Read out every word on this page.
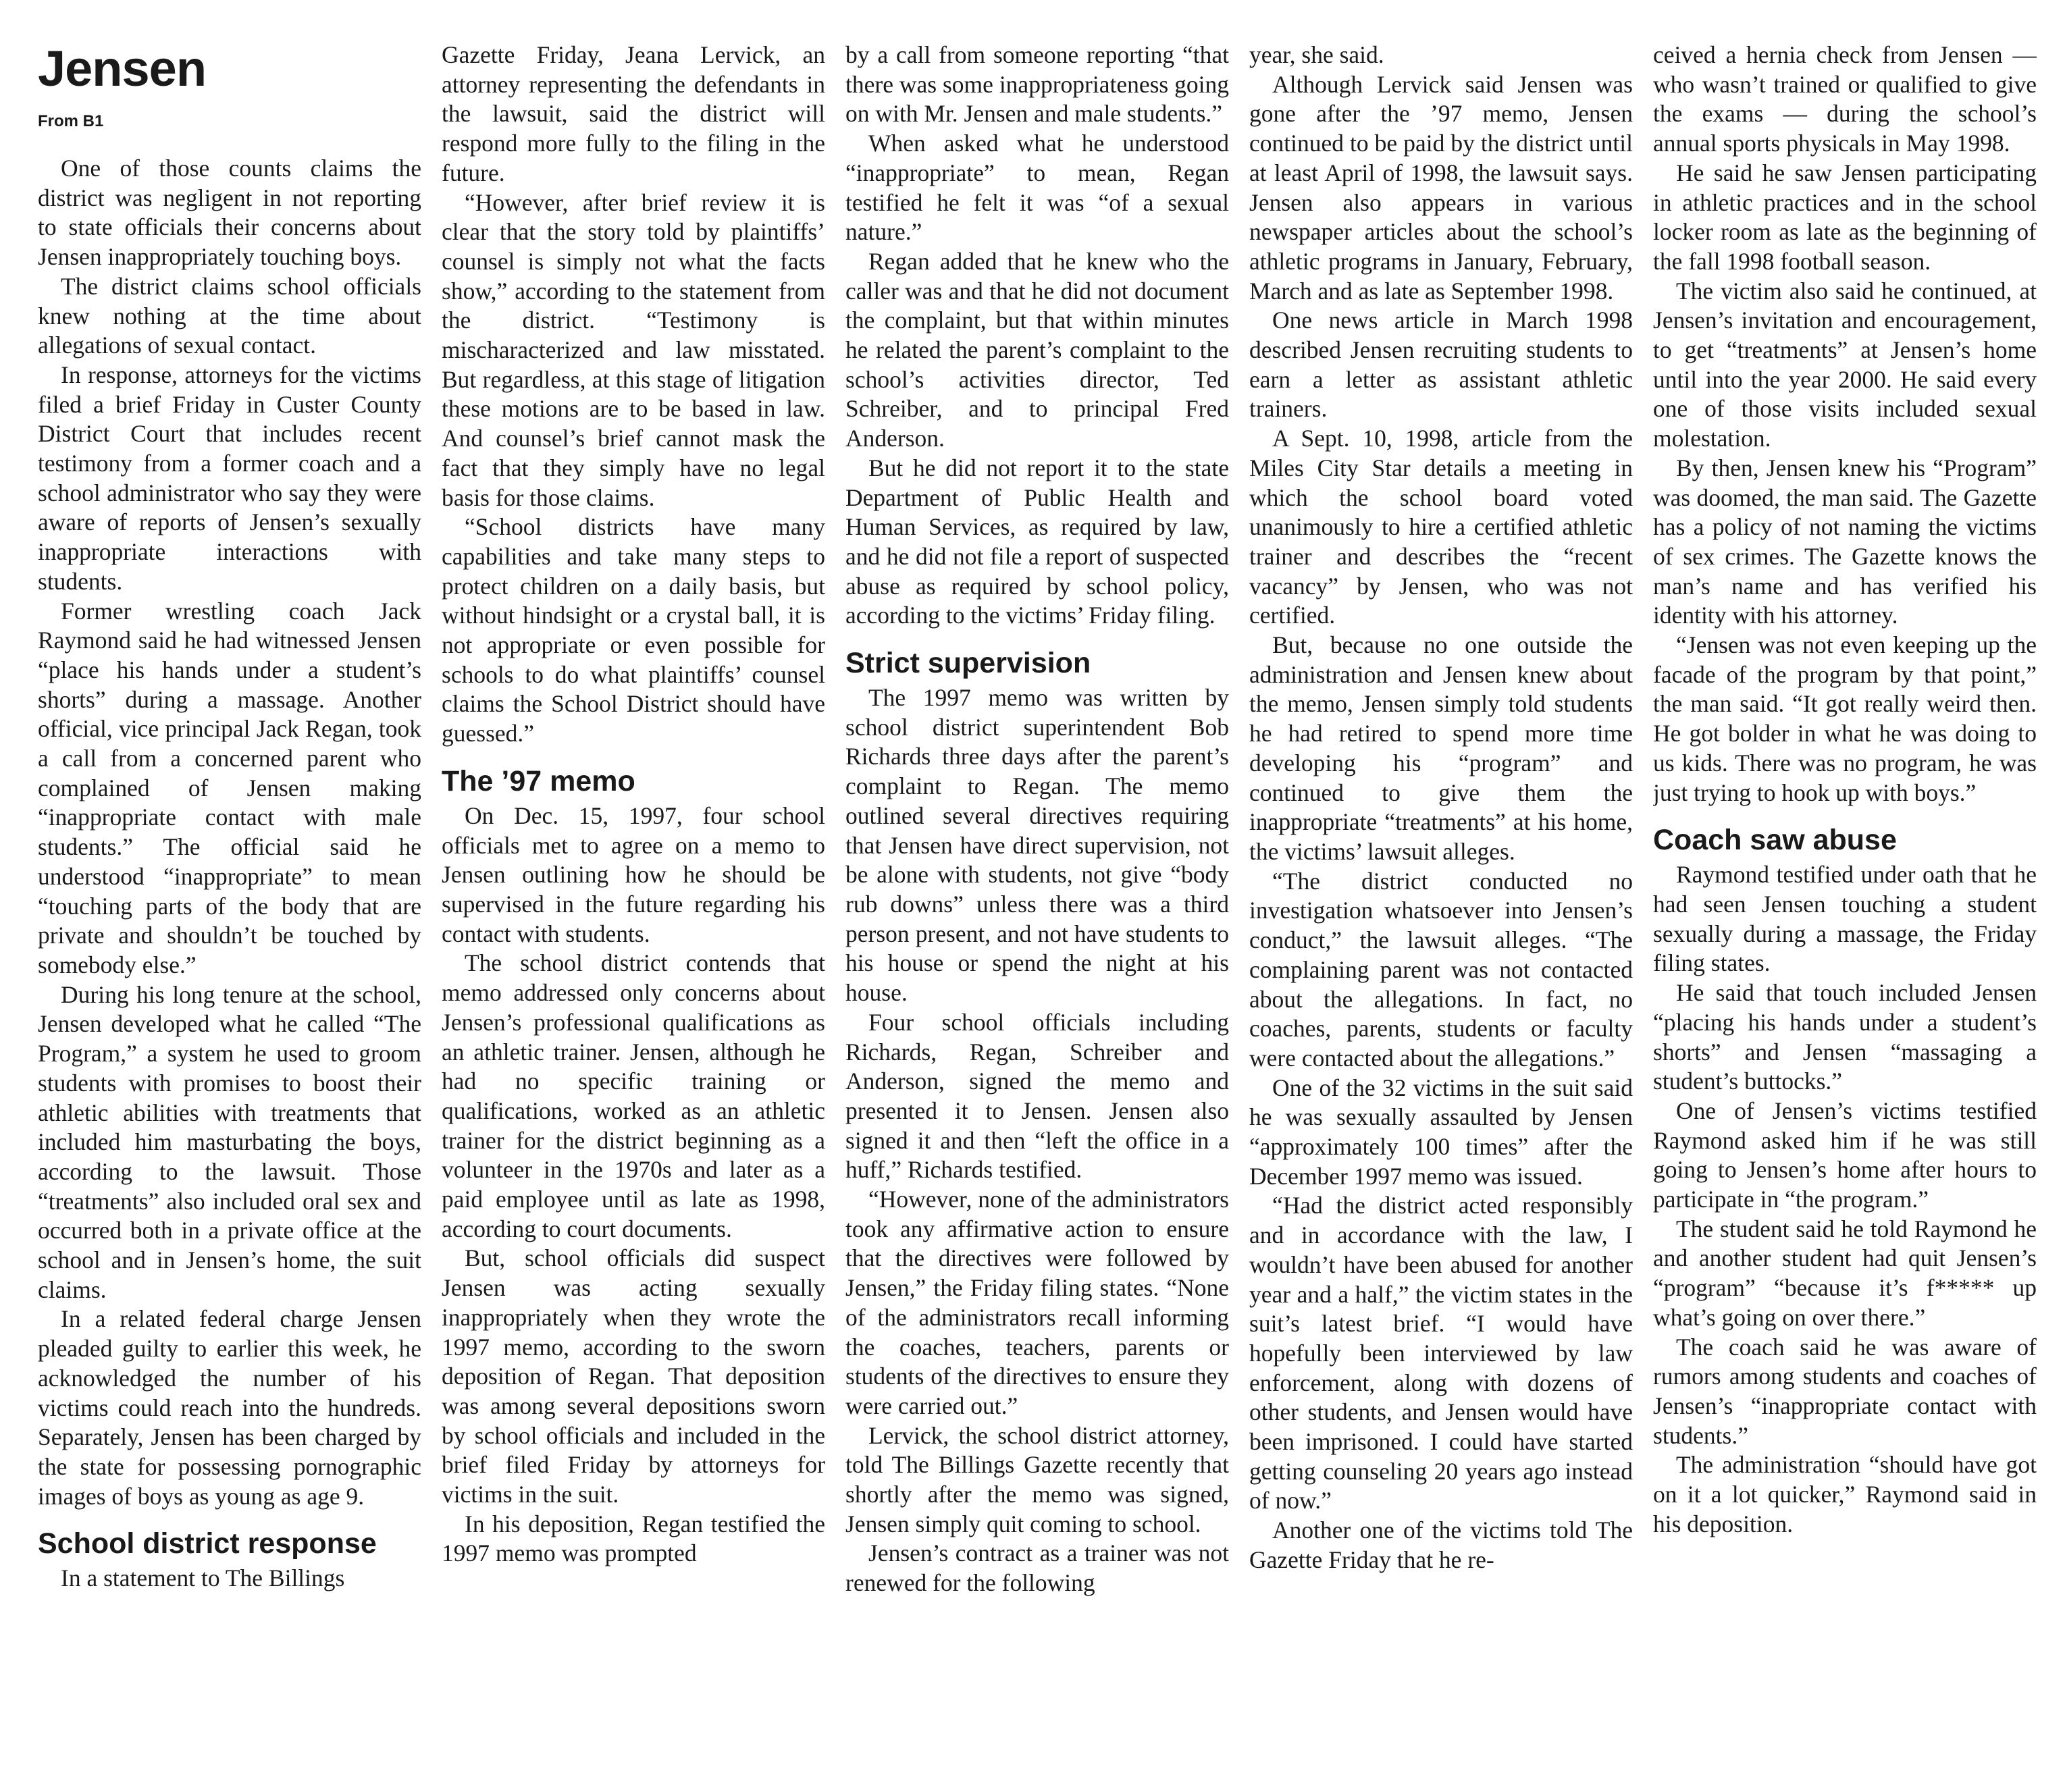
Jensen
From B1

One of those counts claims the district was negligent in not reporting to state officials their concerns about Jensen inappropriately touching boys.

The district claims school officials knew nothing at the time about allegations of sexual contact.

In response, attorneys for the victims filed a brief Friday in Custer County District Court that includes recent testimony from a former coach and a school administrator who say they were aware of reports of Jensen’s sexually inappropriate interactions with students.

Former wrestling coach Jack Raymond said he had witnessed Jensen “place his hands under a student’s shorts” during a massage. Another official, vice principal Jack Regan, took a call from a concerned parent who complained of Jensen making “inappropriate contact with male students.” The official said he understood “inappropriate” to mean “touching parts of the body that are private and shouldn’t be touched by somebody else.”

During his long tenure at the school, Jensen developed what he called “The Program,” a system he used to groom students with promises to boost their athletic abilities with treatments that included him masturbating the boys, according to the lawsuit. Those “treatments” also included oral sex and occurred both in a private office at the school and in Jensen’s home, the suit claims.

In a related federal charge Jensen pleaded guilty to earlier this week, he acknowledged the number of his victims could reach into the hundreds. Separately, Jensen has been charged by the state for possessing pornographic images of boys as young as age 9.

School district response

In a statement to The Billings

Gazette Friday, Jeana Lervick, an attorney representing the defendants in the lawsuit, said the district will respond more fully to the filing in the future.

“However, after brief review it is clear that the story told by plaintiffs’ counsel is simply not what the facts show,” according to the statement from the district. “Testimony is mischaracterized and law misstated. But regardless, at this stage of litigation these motions are to be based in law. And counsel’s brief cannot mask the fact that they simply have no legal basis for those claims.

“School districts have many capabilities and take many steps to protect children on a daily basis, but without hindsight or a crystal ball, it is not appropriate or even possible for schools to do what plaintiffs’ counsel claims the School District should have guessed.”

The ’97 memo

On Dec. 15, 1997, four school officials met to agree on a memo to Jensen outlining how he should be supervised in the future regarding his contact with students.

The school district contends that memo addressed only concerns about Jensen’s professional qualifications as an athletic trainer. Jensen, although he had no specific training or qualifications, worked as an athletic trainer for the district beginning as a volunteer in the 1970s and later as a paid employee until as late as 1998, according to court documents.

But, school officials did suspect Jensen was acting sexually inappropriately when they wrote the 1997 memo, according to the sworn deposition of Regan. That deposition was among several depositions sworn by school officials and included in the brief filed Friday by attorneys for victims in the suit.

In his deposition, Regan testified the 1997 memo was prompted

by a call from someone reporting “that there was some inappropriateness going on with Mr. Jensen and male students.”

When asked what he understood “inappropriate” to mean, Regan testified he felt it was “of a sexual nature.”

Regan added that he knew who the caller was and that he did not document the complaint, but that within minutes he related the parent’s complaint to the school’s activities director, Ted Schreiber, and to principal Fred Anderson.

But he did not report it to the state Department of Public Health and Human Services, as required by law, and he did not file a report of suspected abuse as required by school policy, according to the victims’ Friday filing.

Strict supervision

The 1997 memo was written by school district superintendent Bob Richards three days after the parent’s complaint to Regan. The memo outlined several directives requiring that Jensen have direct supervision, not be alone with students, not give “body rub downs” unless there was a third person present, and not have students to his house or spend the night at his house.

Four school officials including Richards, Regan, Schreiber and Anderson, signed the memo and presented it to Jensen. Jensen also signed it and then “left the office in a huff,” Richards testified.

“However, none of the administrators took any affirmative action to ensure that the directives were followed by Jensen,” the Friday filing states. “None of the administrators recall informing the coaches, teachers, parents or students of the directives to ensure they were carried out.”

Lervick, the school district attorney, told The Billings Gazette recently that shortly after the memo was signed, Jensen simply quit coming to school.

Jensen’s contract as a trainer was not renewed for the following

year, she said.

Although Lervick said Jensen was gone after the ’97 memo, Jensen continued to be paid by the district until at least April of 1998, the lawsuit says. Jensen also appears in various newspaper articles about the school’s athletic programs in January, February, March and as late as September 1998.

One news article in March 1998 described Jensen recruiting students to earn a letter as assistant athletic trainers.

A Sept. 10, 1998, article from the Miles City Star details a meeting in which the school board voted unanimously to hire a certified athletic trainer and describes the “recent vacancy” by Jensen, who was not certified.

But, because no one outside the administration and Jensen knew about the memo, Jensen simply told students he had retired to spend more time developing his “program” and continued to give them the inappropriate “treatments” at his home, the victims’ lawsuit alleges.

“The district conducted no investigation whatsoever into Jensen’s conduct,” the lawsuit alleges. “The complaining parent was not contacted about the allegations. In fact, no coaches, parents, students or faculty were contacted about the allegations.”

One of the 32 victims in the suit said he was sexually assaulted by Jensen “approximately 100 times” after the December 1997 memo was issued.

“Had the district acted responsibly and in accordance with the law, I wouldn’t have been abused for another year and a half,” the victim states in the suit’s latest brief. “I would have hopefully been interviewed by law enforcement, along with dozens of other students, and Jensen would have been imprisoned. I could have started getting counseling 20 years ago instead of now.”

Another one of the victims told The Gazette Friday that he re-

ceived a hernia check from Jensen — who wasn’t trained or qualified to give the exams — during the school’s annual sports physicals in May 1998.

He said he saw Jensen participating in athletic practices and in the school locker room as late as the beginning of the fall 1998 football season.

The victim also said he continued, at Jensen’s invitation and encouragement, to get “treatments” at Jensen’s home until into the year 2000. He said every one of those visits included sexual molestation.

By then, Jensen knew his “Program” was doomed, the man said. The Gazette has a policy of not naming the victims of sex crimes. The Gazette knows the man’s name and has verified his identity with his attorney.

“Jensen was not even keeping up the facade of the program by that point,” the man said. “It got really weird then. He got bolder in what he was doing to us kids. There was no program, he was just trying to hook up with boys.”

Coach saw abuse

Raymond testified under oath that he had seen Jensen touching a student sexually during a massage, the Friday filing states.

He said that touch included Jensen “placing his hands under a student’s shorts” and Jensen “massaging a student’s buttocks.”

One of Jensen’s victims testified Raymond asked him if he was still going to Jensen’s home after hours to participate in “the program.”

The student said he told Raymond he and another student had quit Jensen’s “program” “because it’s f***** up what’s going on over there.”

The coach said he was aware of rumors among students and coaches of Jensen’s “inappropriate contact with students.”

The administration “should have got on it a lot quicker,” Raymond said in his deposition.
